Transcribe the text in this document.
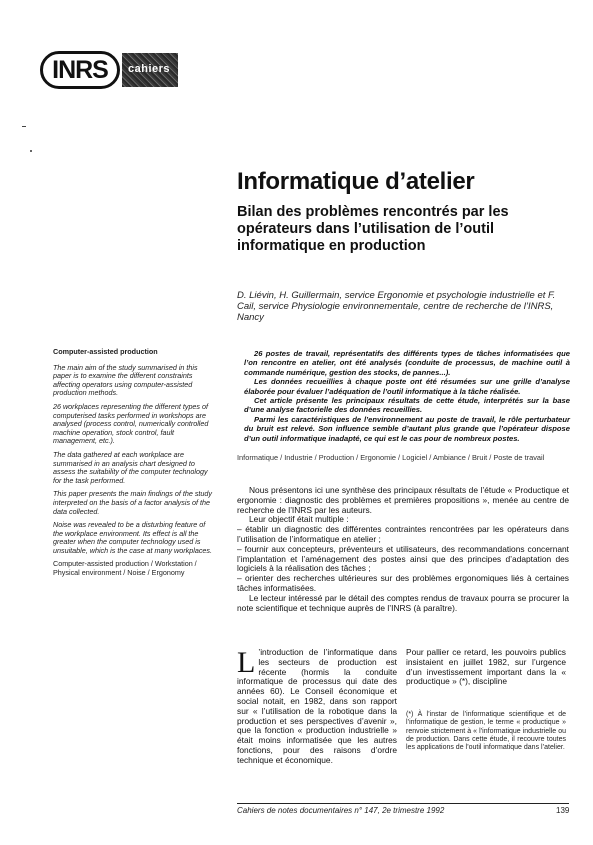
INRS	cahiers
Informatique d’atelier
Bilan des problèmes rencontrés par les opérateurs dans l’utilisation de l’outil informatique en production
D. Liévin, H. Guillermain, service Ergonomie et psychologie industrielle et F. Cail, service Physiologie environnementale, centre de recherche de l’INRS, Nancy

26 postes de travail, représentatifs des différents types de tâches informatisées que l’on rencontre en atelier, ont été analysés (conduite de processus, de machine outil à commande numérique, gestion des stocks, de pannes...).

Les données recueillies à chaque poste ont été résumées sur une grille d’analyse élaborée pour évaluer l’adéquation de l’outil informatique à la tâche réalisée.

Cet article présente les principaux résultats de cette étude, interprétés sur la base d’une analyse factorielle des données recueillies.

Parmi les caractéristiques de l’environnement au poste de travail, le rôle perturbateur du bruit est relevé. Son influence semble d’autant plus grande que l’opérateur dispose d’un outil informatique inadapté, ce qui est le cas pour de nombreux postes.

Informatique / Industrie / Production / Ergonomie / Logiciel / Ambiance / Bruit / Poste de travail
Computer-assisted production

The main aim of the study summarised in this paper is to examine the different constraints affecting operators using computer-assisted production methods.

26 workplaces representing the different types of computerised tasks performed in workshops are analysed (process control, numerically controlled machine operation, stock control, fault management, etc.).

The data gathered at each workplace are summarised in an analysis chart designed to assess the suitability of the computer technology for the task performed.

This paper presents the main findings of the study interpreted on the basis of a factor analysis of the data collected.

Noise was revealed to be a disturbing feature of the workplace environment. Its effect is all the greater when the computer technology used is unsuitable, which is the case at many workplaces.

Computer-assisted production / Workstation / Physical environment / Noise / Ergonomy

Nous présentons ici une synthèse des principaux résultats de l’étude « Productique et ergonomie : diagnostic des problèmes et premières propositions », menée au centre de recherche de l’INRS par les auteurs.

Leur objectif était multiple :

– établir un diagnostic des différentes contraintes rencontrées par les opérateurs dans l’utilisation de l’informatique en atelier ;

– fournir aux concepteurs, préventeurs et utilisateurs, des recommandations concernant l’implantation et l’aménagement des postes ainsi que des principes d’adaptation des logiciels à la réalisation des tâches ;

– orienter des recherches ultérieures sur des problèmes ergonomiques liés à certaines tâches informatisées.

Le lecteur intéressé par le détail des comptes rendus de travaux pourra se procurer la note scientifique et technique auprès de l’INRS (à paraître).

L ’introduction de l’informatique dans les secteurs de production est récente (hormis la conduite informatique de processus qui date des années 60). Le Conseil économique et social notait, en 1982, dans son rapport sur « l’utilisation de la robotique dans la production et ses perspectives d’avenir », que la fonction « production industrielle » était moins informatisée que les autres fonctions, pour des raisons d’ordre technique et économique.
Pour pallier ce retard, les pouvoirs publics insistaient en juillet 1982, sur l’urgence d’un investissement important dans la « productique » (*), discipline
(*) À l’instar de l’informatique scientifique et de l’informatique de gestion, le terme « productique » renvoie strictement à « l’informatique industrielle ou de production. Dans cette étude, il recouvre toutes les applications de l’outil informatique dans l’atelier.
Cahiers de notes documentaires n° 147, 2e trimestre 1992	139
